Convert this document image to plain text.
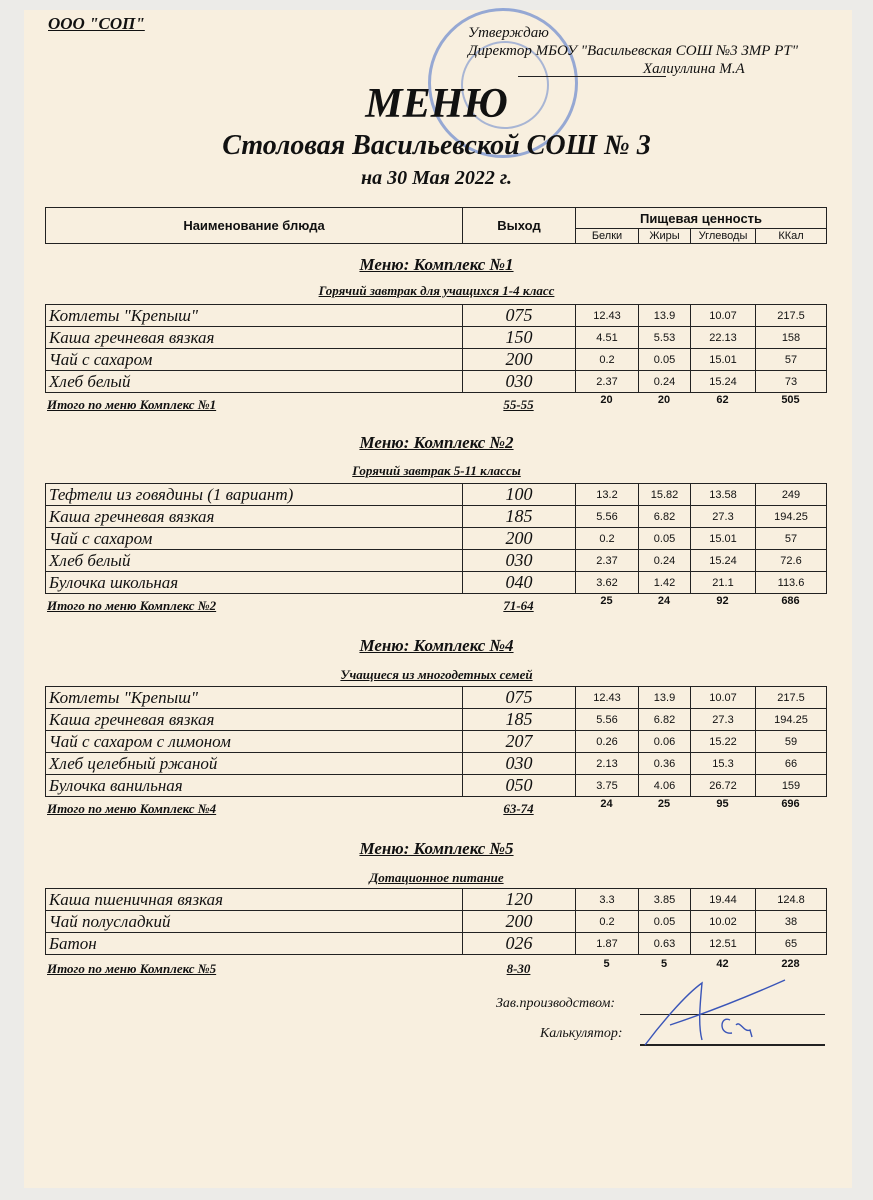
ООО "СОП"	Утверждаю
Директор МБОУ "Васильевская СОШ №3 ЗМР РТ"
Халиуллина М.А
МЕНЮ
Столовая Васильевской СОШ № 3
на 30 Мая 2022 г.
Наименование блюда	Выход	Пищевая ценность			
		Белки	Жиры	Углеводы	ККал
Меню: Комплекс №1
Горячий завтрак для учащихся 1-4 класс
Котлеты "Крепыш"	075	12.43	13.9	10.07	217.5
Каша гречневая вязкая	150	4.51	5.53	22.13	158
Чай с сахаром	200	0.2	0.05	15.01	57
Хлеб белый	030	2.37	0.24	15.24	73
Итого по меню Комплекс №1	55-55	20	20	62	505
Меню: Комплекс №2
Горячий завтрак 5-11 классы
Тефтели из говядины (1 вариант)	100	13.2	15.82	13.58	249
Каша гречневая вязкая	185	5.56	6.82	27.3	194.25
Чай с сахаром	200	0.2	0.05	15.01	57
Хлеб белый	030	2.37	0.24	15.24	72.6
Булочка школьная	040	3.62	1.42	21.1	113.6
Итого по меню Комплекс №2	71-64	25	24	92	686
Меню: Комплекс №4
Учащиеся из многодетных семей
Котлеты "Крепыш"	075	12.43	13.9	10.07	217.5
Каша гречневая вязкая	185	5.56	6.82	27.3	194.25
Чай с сахаром с лимоном	207	0.26	0.06	15.22	59
Хлеб целебный ржаной	030	2.13	0.36	15.3	66
Булочка ванильная	050	3.75	4.06	26.72	159
Итого по меню Комплекс №4	63-74	24	25	95	696
Меню: Комплекс №5
Дотационное питание
Каша пшеничная вязкая	120	3.3	3.85	19.44	124.8
Чай полусладкий	200	0.2	0.05	10.02	38
Батон	026	1.87	0.63	12.51	65
Итого по меню Комплекс №5	8-30	5	5	42	228
Зав.производством:
Калькулятор:
